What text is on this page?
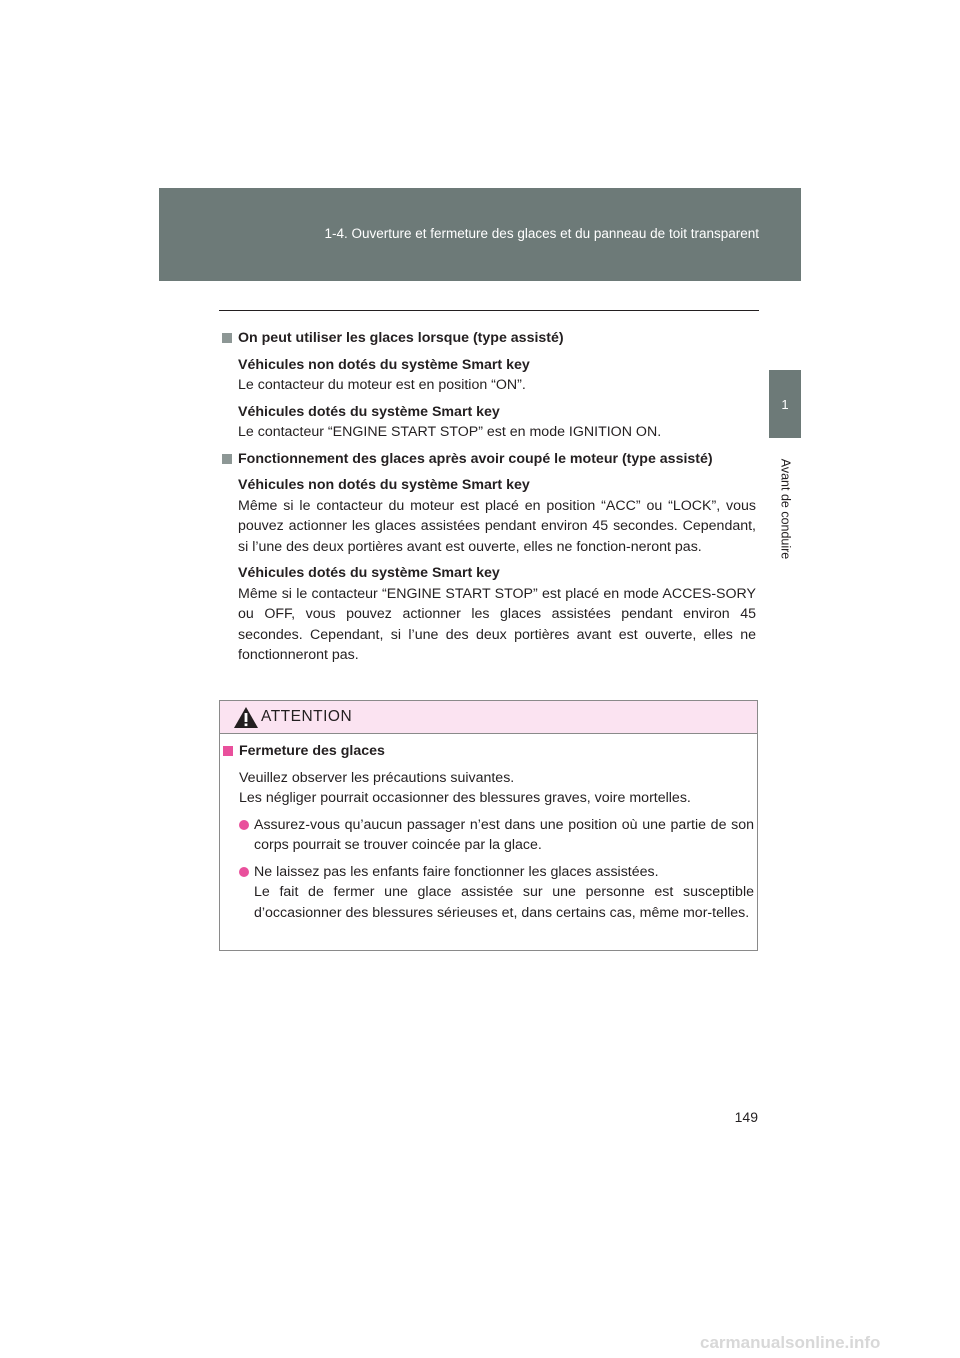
1-4. Ouverture et fermeture des glaces et du panneau de toit transparent
1
Avant de conduire
On peut utiliser les glaces lorsque (type assisté)
Véhicules non dotés du système Smart key
Le contacteur du moteur est en position “ON”.
Véhicules dotés du système Smart key
Le contacteur “ENGINE START STOP” est en mode IGNITION ON.
Fonctionnement des glaces après avoir coupé le moteur (type assisté)
Véhicules non dotés du système Smart key
Même si le contacteur du moteur est placé en position “ACC” ou “LOCK”, vous pouvez actionner les glaces assistées pendant environ 45 secondes. Cependant, si l’une des deux portières avant est ouverte, elles ne fonction-neront pas.
Véhicules dotés du système Smart key
Même si le contacteur “ENGINE START STOP” est placé en mode ACCES-SORY ou OFF, vous pouvez actionner les glaces assistées pendant environ 45 secondes. Cependant, si l’une des deux portières avant est ouverte, elles ne fonctionneront pas.
ATTENTION
Fermeture des glaces
Veuillez observer les précautions suivantes.
Les négliger pourrait occasionner des blessures graves, voire mortelles.
Assurez-vous qu’aucun passager n’est dans une position où une partie de son corps pourrait se trouver coincée par la glace.
Ne laissez pas les enfants faire fonctionner les glaces assistées.
Le fait de fermer une glace assistée sur une personne est susceptible d’occasionner des blessures sérieuses et, dans certains cas, même mor-telles.
149
carmanualsonline.info
